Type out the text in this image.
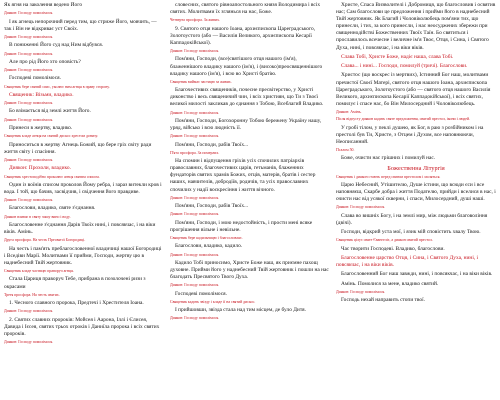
Як ягня на заколення ведено Його
Диякон: Господу помолімося.
І як агнець непорочний перед тим, що стриже Його, мовчить, — так і Він не відкриває уст Своїх.
Диякон: Господу помолімося.
В пониженні Його суд над Ним відбувся.
Диякон: Господу помолімося.
Але про рід Його хто оповість?
Диякон: Господу помолімося.
Господеві помолімося.
Священик бере святий спис, уколює ним агнця в праву сторону.
Священик: Візьми, владико.
Диякон: Господу помолімося.
Бо взімається від землі життя Його.
Диякон: Господу помолімося.
Принеси в жертву, владико.
Священик кладе агнця на святий дискос хрестом донизу.
Приноситься в жертву Агнець Божий, що бере гріх світу ради життя світу і спасіння.
Диякон: Господу помолімося.
Диякон: Прохоли, владико.
Священик хрестоподібно проколює агнця святим списом.
Один із воїнів списом проколов Йому ребра, і зараз витекли кров і вода. І той, що бачив, засвідчив, і свідчення його правдиве.
Диякон: Господу помолімося.
Благослови, владико, святе з'єднання.
Диякон вливає в святу чашу вино і воду.
Благословенне з'єднання Дарів Твоїх нині, і повсякчас, і на віки віків. Амінь.
Друга просфора. На честь Пресвятої Богородиці.
На честь і пам'ять преблагословенної владичиці нашої Богородиці і Вседіви Марії. Молитвами її прийми, Господи, жертву цю в наднебесний Твій жертовник.
Священик кладе частицю праворуч агнця.
Стала Цариця праворуч Тебе, прибрана в позолочені ризи з окрасами
Третя просфора. На честь святих.
1. Чесного славного пророка, Предтечі і Хрестителя Іоана.
Диякон: Господу помолімося.
2. Святих славних пророків: Мойсея і Аарона, Іллі і Єлисея, Давида і Ієсея, святих трьох отроків і Даниїла пророка і всіх святих пророків.
Диякон: Господу помолімося.
словесних, святого рівноапостольного князя Володимира і всіх святих. Молитвами їх зглянься на нас, Боже.
Четверта просфора. За живих.
9. Святого отця нашого Іоана, архиєпископа Цареградського, Золотоустого (або — Василія Великого, архиєпископа Кесарії Каппадокійської).
Диякон: Господу помолімося.
Пом'яни, Господи, (все)святішого отця нашого (ім'я), блаженнішого владику нашого (ім'я), і (високо)преосвященнішого владику нашого (ім'я), і всю во Христі братію.
Священик виймає частицю за живих.
Благочестивих священиків, почесне пресвітерство, у Христі диконство і весь священичий чин, і всіх християн, що Ти з Твоєї великої милості закликав до єднання з Тобою, Всеблагий Владико.
Диякон: Господу помолімося.
Пом'яни, Господи, Богохоронну Тобою бережену Україну нашу, уряд, військо і всю людність її.
Диякон: Господу помолімося.
Пом'яни, Господи, рабів Твоїх...
П'ята просфора. За померлих.
На спомин і відпущення гріхів усіх спочилих патріархів православних, благочестивих царів, гетьманів, блаженних фундаторів святих храмів Божих, отців, матерів, братів і сестер наших, навчителів, добродіїв, родичів, та усіх православних спочилих у надії воскресіння і життя вічного.
Диякон: Господу помолімося.
Пом'яни, Господи, рабів Твоїх...
Диякон: Господу помолімося.
Пом'яни, Господи, і мою недостойність, і прости мені всяке прогрішення вільне і невільне.
Священик бере кадильницю і благословляє.
Благослови, владико, кадило.
Диякон: Господу помолімося.
Кадило Тобі приносимо, Христе Боже наш, як приємне пахощ духовне. Прийми його у наднебесний Твій жертовник і пошли на нас благодать Пресвятого Твого Духа.
Диякон: Господу помолімося.
Господеві помолімося.
Священик кадить звізду і кладе її на святий дискос.
І прийшовши, звізда стала над тим місцем, де було Дитя.
Диякон: Господу помолімося.
Христе, Спаса Визволителі і Добромиця, що благословив і освятив нас; Сам благослови це предложення і прийми його в наднебесний Твій жертовник. Як Благий і Чоловіколюбець пом'яни тих, що принесли, і тих, за кого принесли, і нас неосуджених збережи при священнодійстві Божественних Твоїх Таїн. Бо святиться і прославилось всечесне і величне ім'я Твоє, Отця, і Сина, і Святого Духа, нині, і повсякчас, і на віки віків.
Слава Тобі, Христе Боже, надіє наша, слава Тобі.
Слава... і нині... Господи, помилуй (тричі). Благослови.
Христос (що воскрес із мертвих), Істинний Бог наш, молитвами пречистої Своєї Матері, святого отця нашого Іоана, архиєпископа Цареградського, Золотоустого (або — святого отця нашого Василія Великого, архиєпископа Кесарії Каппадокійської), і всіх святих, помилує і спасе нас, бо Він Милосердний і Чоловіколюбець.
Диякон: Амінь.
Після відпусту диякон кадить святе предложення, святий престол, ікони і людей.
У гробі тілом, у пеклі душею, як Бог, в раю з розбійником і на престолі був Ти, Христе, з Отцем і Духом, все наповнюючи, Неописанний.
Псалом 50.
Боже, очисти нас грішних і помилуй нас.
Божественна Літургія
Священик і диякон стають перед святим престолом і моляться.
Царю Небесний, Утішителю, Душе істини, що всюди єси і все наповняєш, Скарбе добра і життя Подателю, прийди і вселися в нас, і очисти нас від усякої скверни, і спаси, Милосердний, душі наші.
Диякон: Господу помолімося.
Слава во вишніх Богу, і на землі мир, між людьми благовоління (двічі).
Господи, відкрий уста мої, і язик мій сповістить хвалу Твою.
Священик цілує святе Євангеліє, а диякон святий престол.
Час творити Господеві. Владико, благослови.
Благословенне царство Отця, і Сина, і Святого Духа, нині, і повсякчас, і на віки віків.
Благословенний Бог наш завжди, нині, і повсякчас, і на віки віків.
Амінь. Помолися за мене, владико святий.
Диякон: Господу помолімося.
Господь нехай направить стопи твої.
